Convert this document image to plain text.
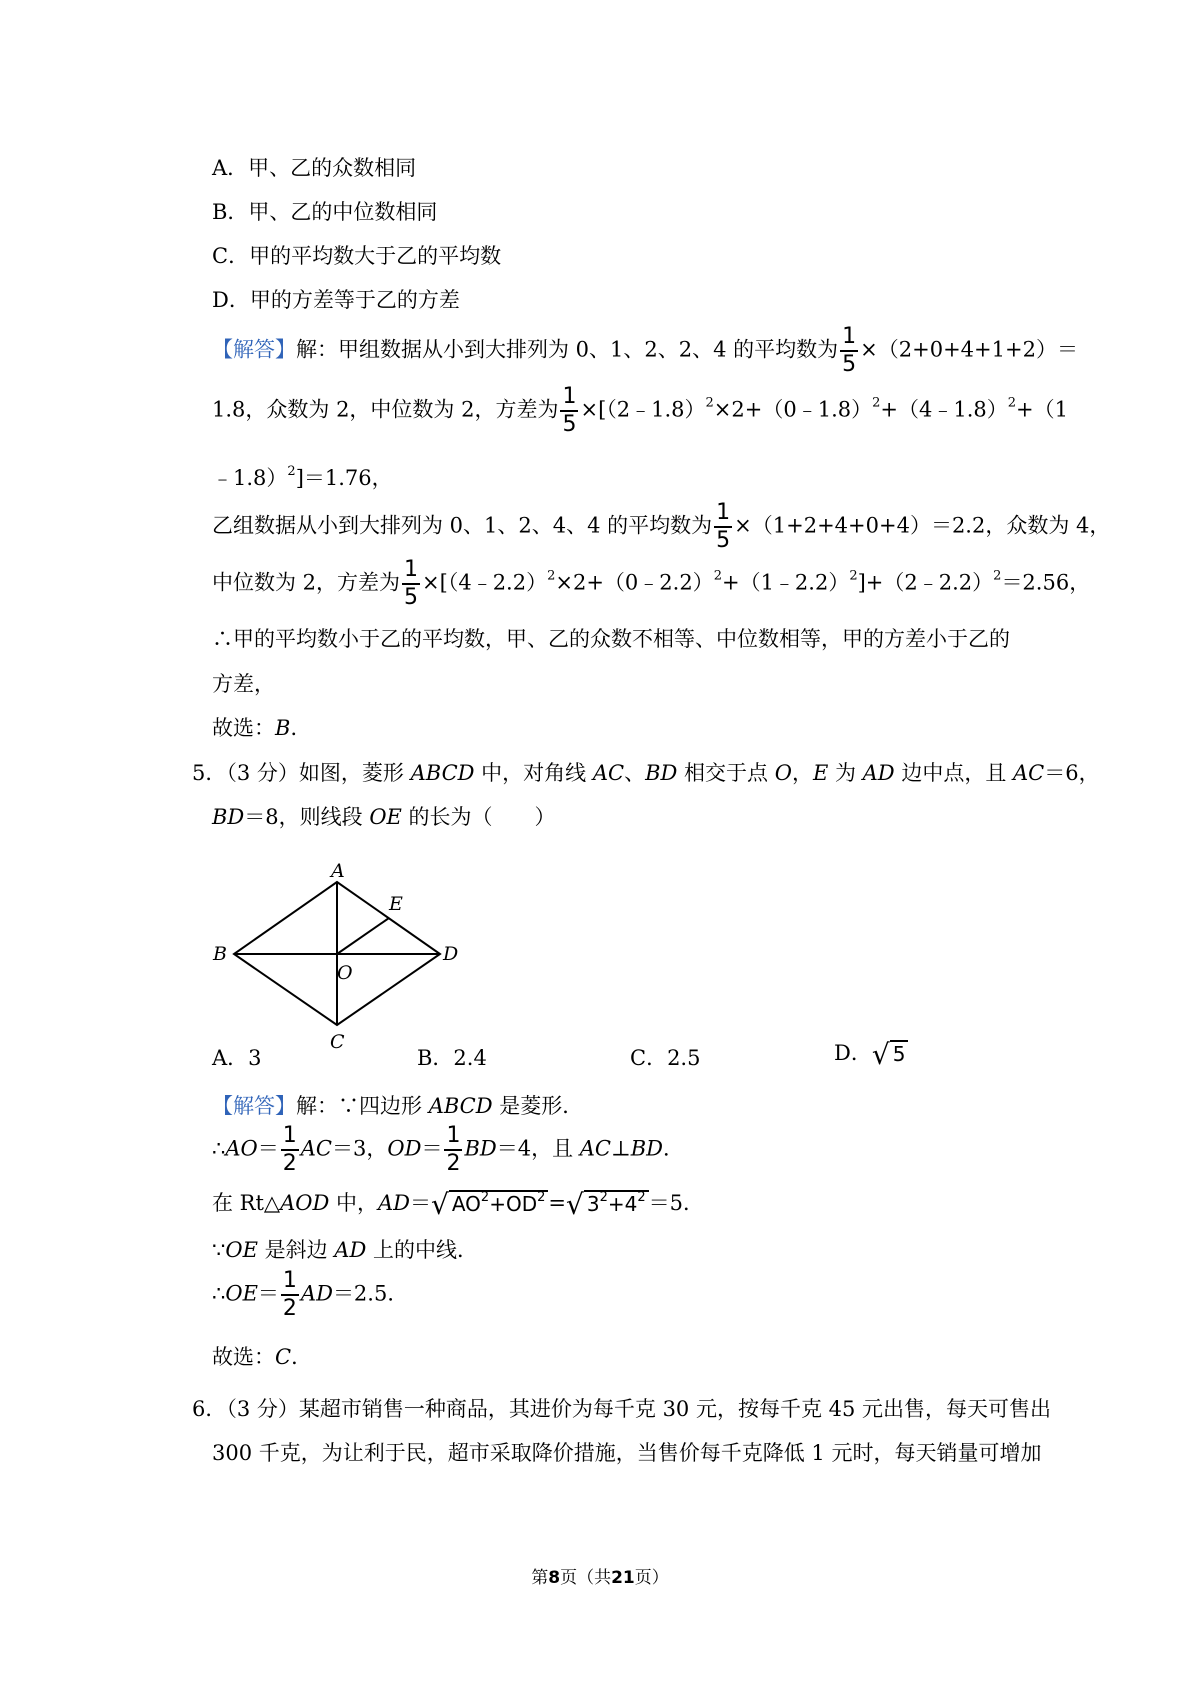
A．甲、乙的众数相同
B．甲、乙的中位数相同
C．甲的平均数大于乙的平均数
D．甲的方差等于乙的方差
【解答】解：甲组数据从小到大排列为 0、1、2、2、4 的平均数为 $\frac{1}{5} \times(2+0+4+1+2)=$
1.8，众数为 2，中位数为 2，方差为 $\frac{1}{5}$ ×[（2﹣1.8）$^2$×2+（0﹣1.8）$^2$+（4﹣1.8）$^2$+（1
﹣1.8）$^2$]＝1.76，
乙组数据从小到大排列为 0、1、2、4、4 的平均数为 $\frac{1}{5} \times(1+2+4+0+4)=2.2$，众数为 4，
中位数为 2，方差为 $\frac{1}{5}$ ×[（4﹣2.2）$^2$×2+（0﹣2.2）$^2$+（1﹣2.2）$^2$]+（2﹣2.2）$^2$＝2.56，
∴甲的平均数小于乙的平均数，甲、乙的众数不相等、中位数相等，甲的方差小于乙的
方差，
故选：B．
5．（3 分）如图，菱形 ABCD 中，对角线 AC、BD 相交于点 O，E 为 AD 边中点，且 AC＝6，
BD＝8，则线段 OE 的长为（　　）
A
B
C
D
E
O
A．3	B．2.4	C．2.5	D．√ 5
【解答】解：∵四边形 ABCD 是菱形．
∴AO＝ $\frac{1}{2} AC=3$，$OD= \frac{1}{2} BD=4$，且 AC⊥BD．
在 Rt△AOD 中，AD＝√ $AO^2+OD^2$ =√ $3^2+4^2 =5$．
∵OE 是斜边 AD 上的中线．
∴OE＝ $\frac{1}{2} AD=2.5$．
故选：C．
6．（3 分）某超市销售一种商品，其进价为每千克 30 元，按每千克 45 元出售，每天可售出
300 千克，为让利于民，超市采取降价措施，当售价每千克降低 1 元时，每天销量可增加
第8页（共21页）
